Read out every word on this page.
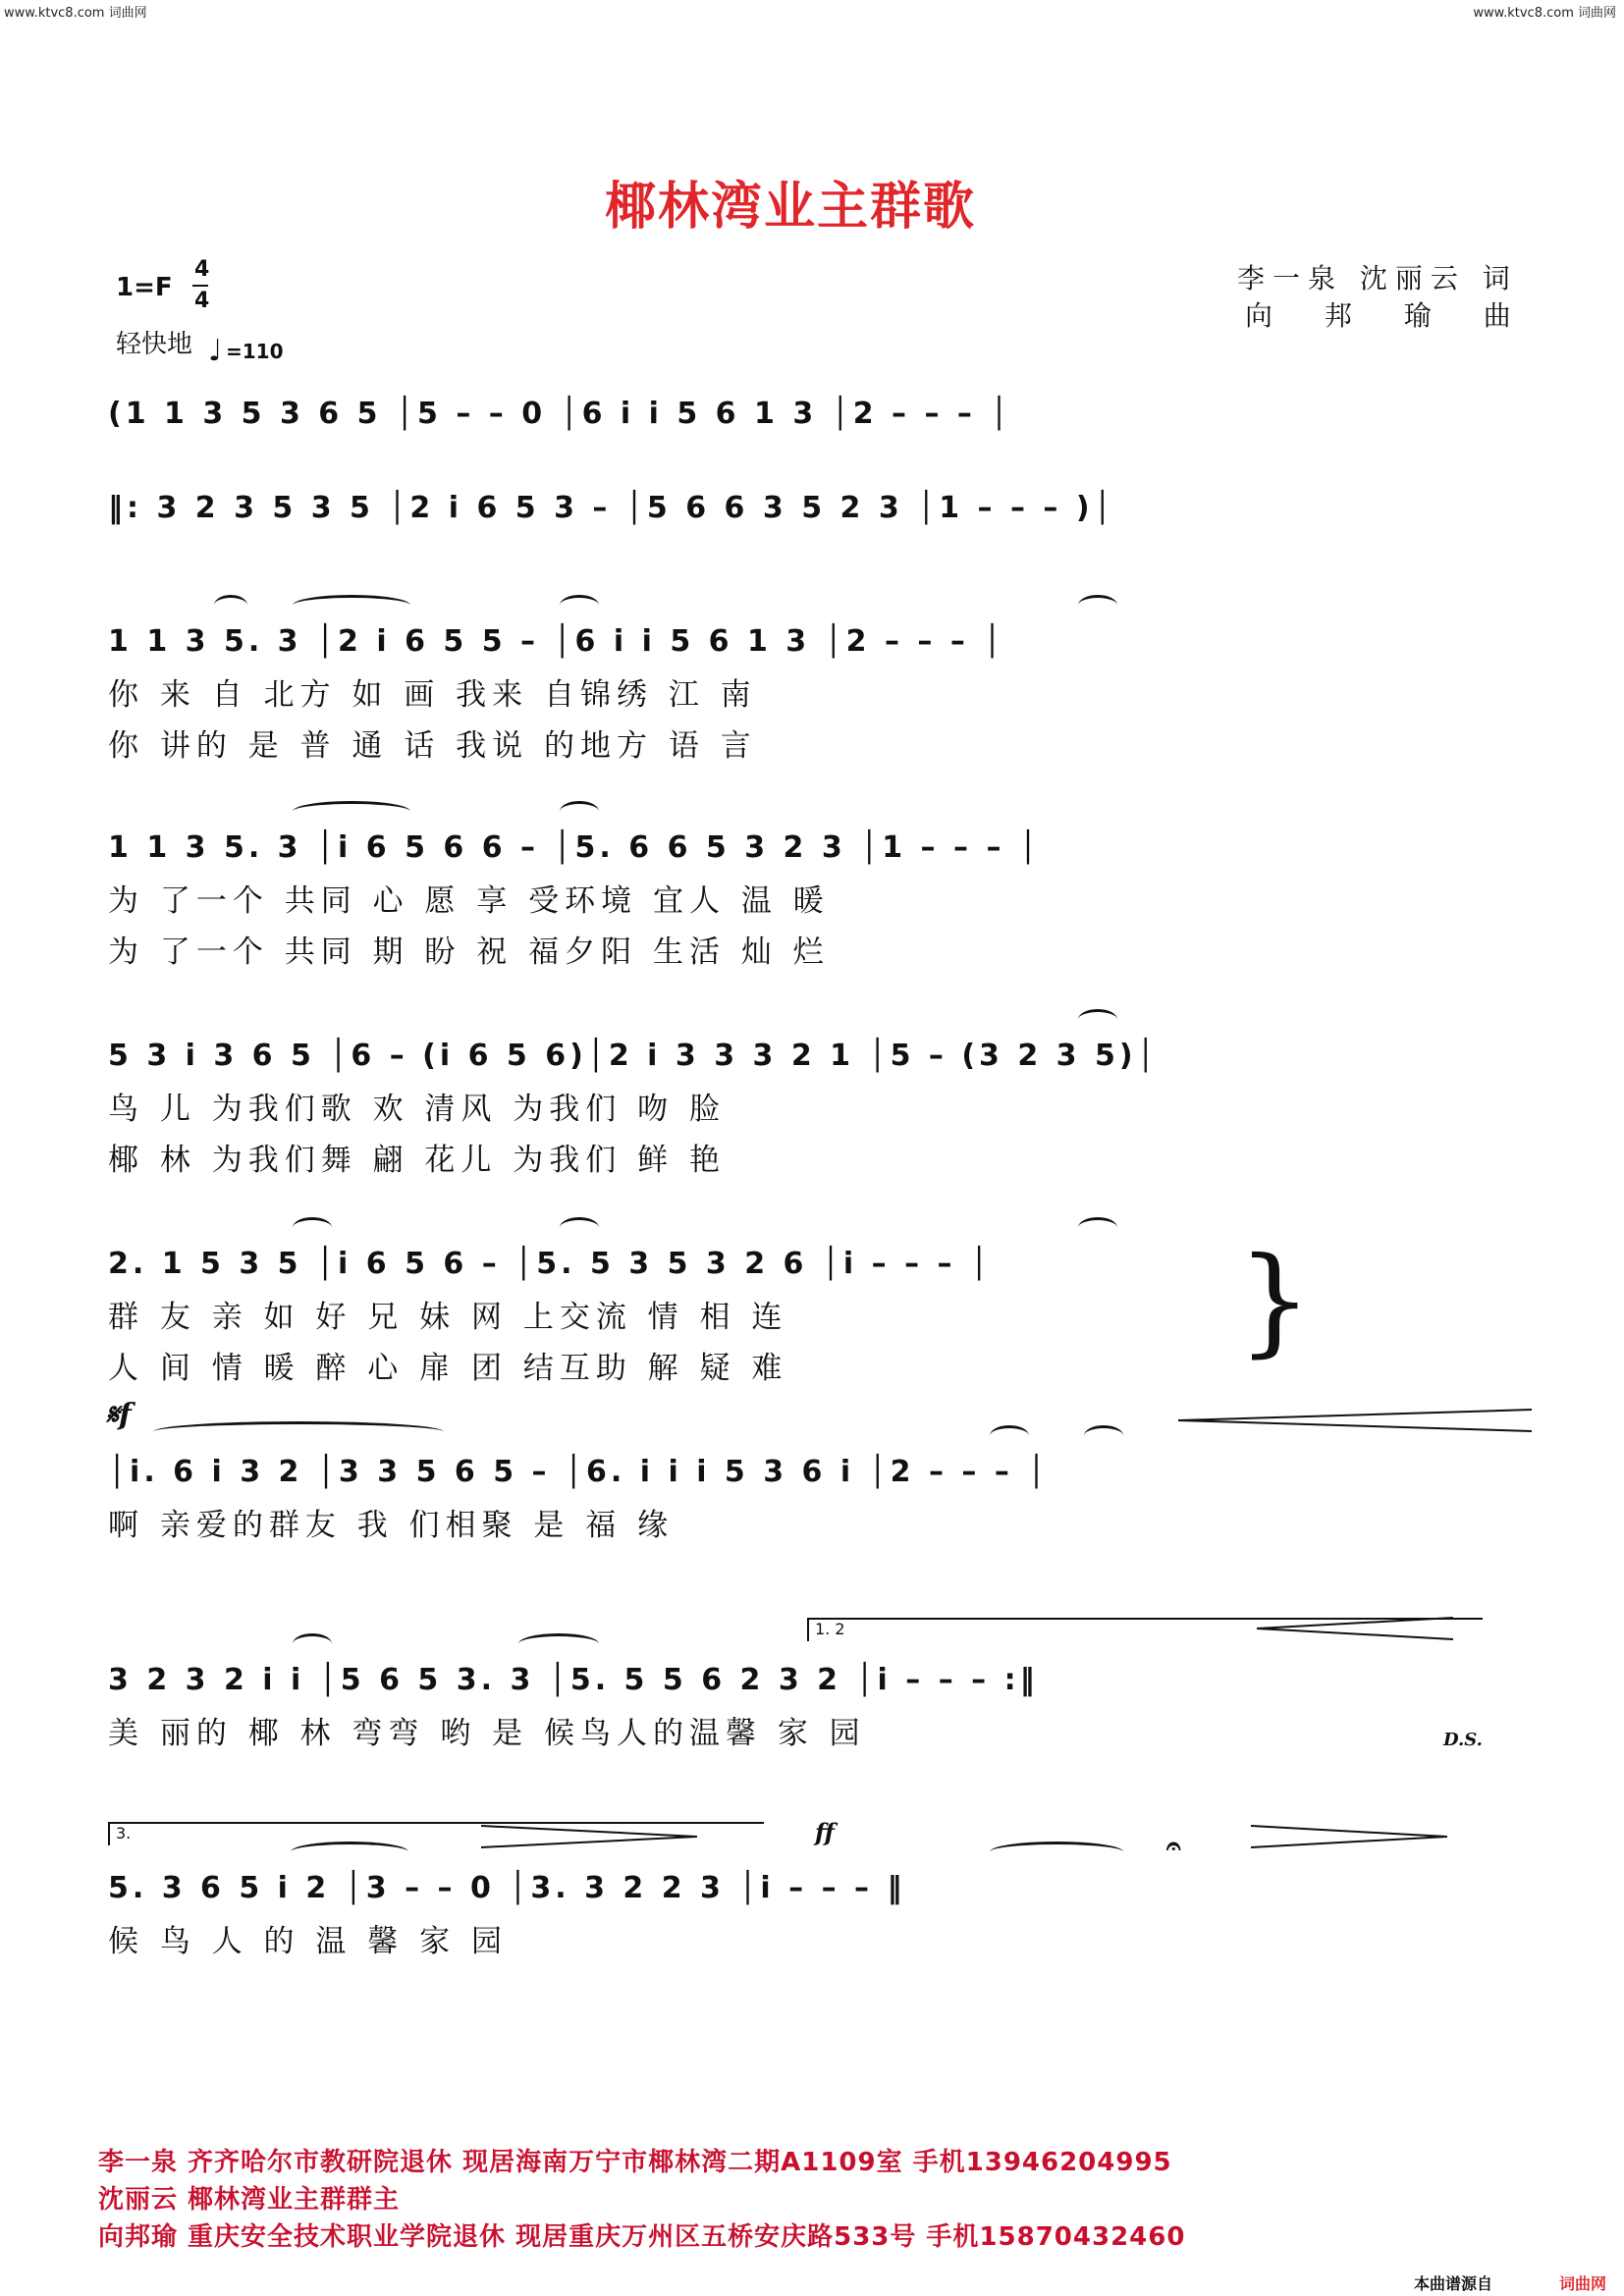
www.ktvc8.com 词曲网	www.ktvc8.com 词曲网
椰林湾业主群歌
1=F
4
4
轻快地 ♩ =110
李一泉 沈丽云 词
向 邦 瑜 曲
(1 1 3 5 3 6 5 │5 – – 0 │6 i i 5 6 1 3 │2 – – – │
‖: 3 2 3 5 3 5 │2 i 6 5 3 – │5 6 6 3 5 2 3 │1 – – – )│
1 1 3 5. 3 │2 i 6 5 5 – │6 i i 5 6 1 3 │2 – – – │
你 来 自 北方 如 画 我来 自锦绣 江 南
你 讲的 是 普 通 话 我说 的地方 语 言
1 1 3 5. 3 │i 6 5 6 6 – │5. 6 6 5 3 2 3 │1 – – – │
为 了一个 共同 心 愿 享 受环境 宜人 温 暖
为 了一个 共同 期 盼 祝 福夕阳 生活 灿 烂
5 3 i 3 6 5 │6 – (i 6 5 6)│2 i 3 3 3 2 1 │5 – (3 2 3 5)│
鸟 儿 为我们歌 欢 清风 为我们 吻 脸
椰 林 为我们舞 翩 花儿 为我们 鲜 艳
2. 1 5 3 5 │i 6 5 6 – │5. 5 3 5 3 2 6 │i – – – │
群 友 亲 如 好 兄 妹 网 上交流 情 相 连
人 间 情 暖 醉 心 扉 团 结互助 解 疑 难	}
𝄋f
│i. 6 i 3 2 │3 3 5 6 5 – │6. i i i 5 3 6 i │2 – – – │
啊 亲爱的群友 我 们相聚 是 福 缘
1. 2
3 2 3 2 i i │5 6 5 3. 3 │5. 5 5 6 2 3 2 │i – – – :‖
美 丽的 椰 林 弯弯 哟 是 候鸟人的温馨 家 园	D.S.
3.	ff	𝄐
5. 3 6 5 i 2 │3 – – 0 │3. 3 2 2 3 │i – – – ‖
候 鸟 人 的 温 馨 家 园
李一泉 齐齐哈尔市教研院退休 现居海南万宁市椰林湾二期A1109室 手机13946204995
沈丽云 椰林湾业主群群主
向邦瑜 重庆安全技术职业学院退休 现居重庆万州区五桥安庆路533号 手机15870432460
本曲谱源自	词曲网
